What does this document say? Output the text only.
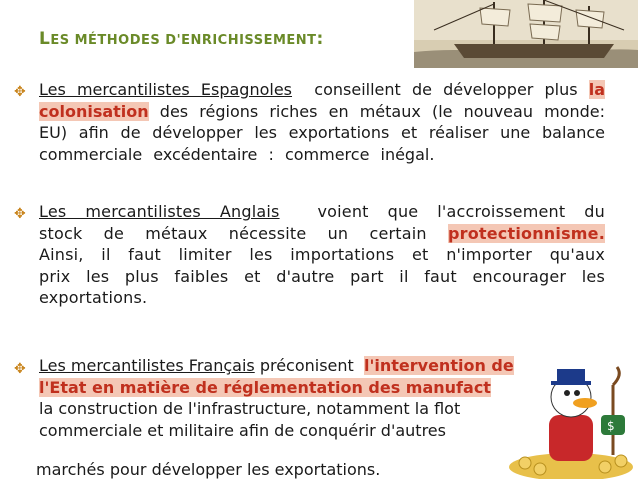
LES MÉTHODES D'ENRICHISSEMENT:
✥ Les mercantilistes Espagnoles conseillent de développer plus la colonisation des régions riches en métaux (le nouveau monde: EU) afin de développer les exportations et réaliser une balance commerciale excédentaire : commerce inégal.
✥ Les mercantilistes Anglais voient que l'accroissement du stock de métaux nécessite un certain protectionnisme. Ainsi, il faut limiter les importations et n'importer qu'aux prix les plus faibles et d'autre part il faut encourager les exportations.
✥ Les mercantilistes Français préconisent  l'intervention de
l'Etat en matière de réglementation des manufact
la construction de l'infrastructure, notamment la flot
commerciale et militaire afin de conquérir d'autres
marchés pour développer les exportations.
$
